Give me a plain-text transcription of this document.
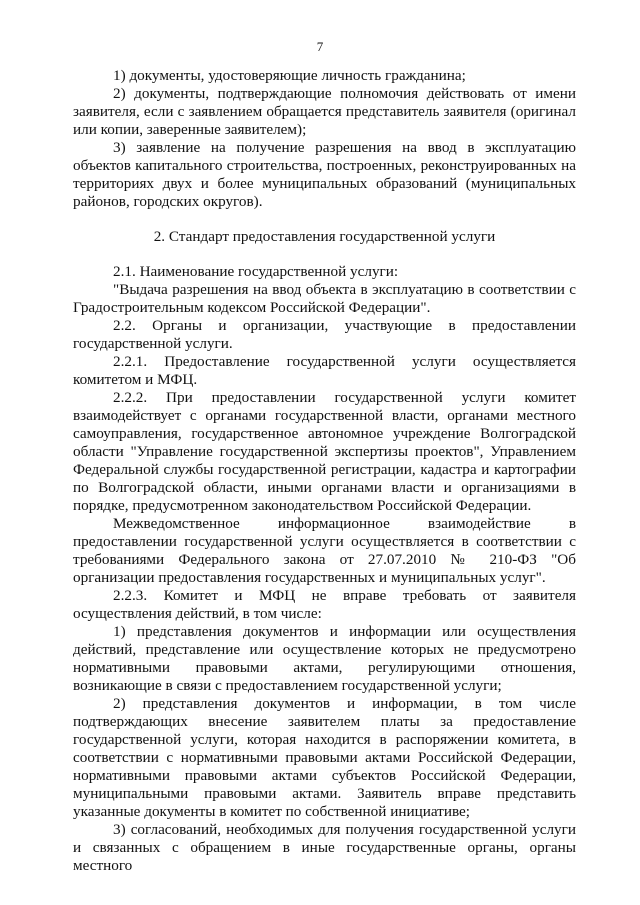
7

1) документы, удостоверяющие личность гражданина;

2) документы, подтверждающие полномочия действовать от имени заявителя, если с заявлением обращается представитель заявителя (оригинал или копии, заверенные заявителем);

3) заявление на получение разрешения на ввод в эксплуатацию объектов капитального строительства, построенных, реконструированных на территориях двух и более муниципальных образований (муниципальных районов, городских округов).

2. Стандарт предоставления государственной услуги

2.1. Наименование государственной услуги:

"Выдача разрешения на ввод объекта в эксплуатацию в соответствии с Градостроительным кодексом Российской Федерации".

2.2. Органы и организации, участвующие в предоставлении государственной услуги.

2.2.1. Предоставление государственной услуги осуществляется комитетом и МФЦ.

2.2.2. При предоставлении государственной услуги комитет взаимодействует с органами государственной власти, органами местного самоуправления, государственное автономное учреждение Волгоградской области "Управление государственной экспертизы проектов", Управлением Федеральной службы государственной регистрации, кадастра и картографии по Волгоградской области, иными органами власти и организациями в порядке, предусмотренном законодательством Российской Федерации.

Межведомственное информационное взаимодействие в предоставлении государственной услуги осуществляется в соответствии с требованиями Федерального закона от 27.07.2010 № 210-ФЗ "Об организации предоставления государственных и муниципальных услуг".

2.2.3. Комитет и МФЦ не вправе требовать от заявителя осуществления действий, в том числе:

1) представления документов и информации или осуществления действий, представление или осуществление которых не предусмотрено нормативными правовыми актами, регулирующими отношения, возникающие в связи с предоставлением государственной услуги;

2) представления документов и информации, в том числе подтверждающих внесение заявителем платы за предоставление государственной услуги, которая находится в распоряжении комитета, в соответствии с нормативными правовыми актами Российской Федерации, нормативными правовыми актами субъектов Российской Федерации, муниципальными правовыми актами. Заявитель вправе представить указанные документы в комитет по собственной инициативе;

3) согласований, необходимых для получения государственной услуги и связанных с обращением в иные государственные органы, органы местного
